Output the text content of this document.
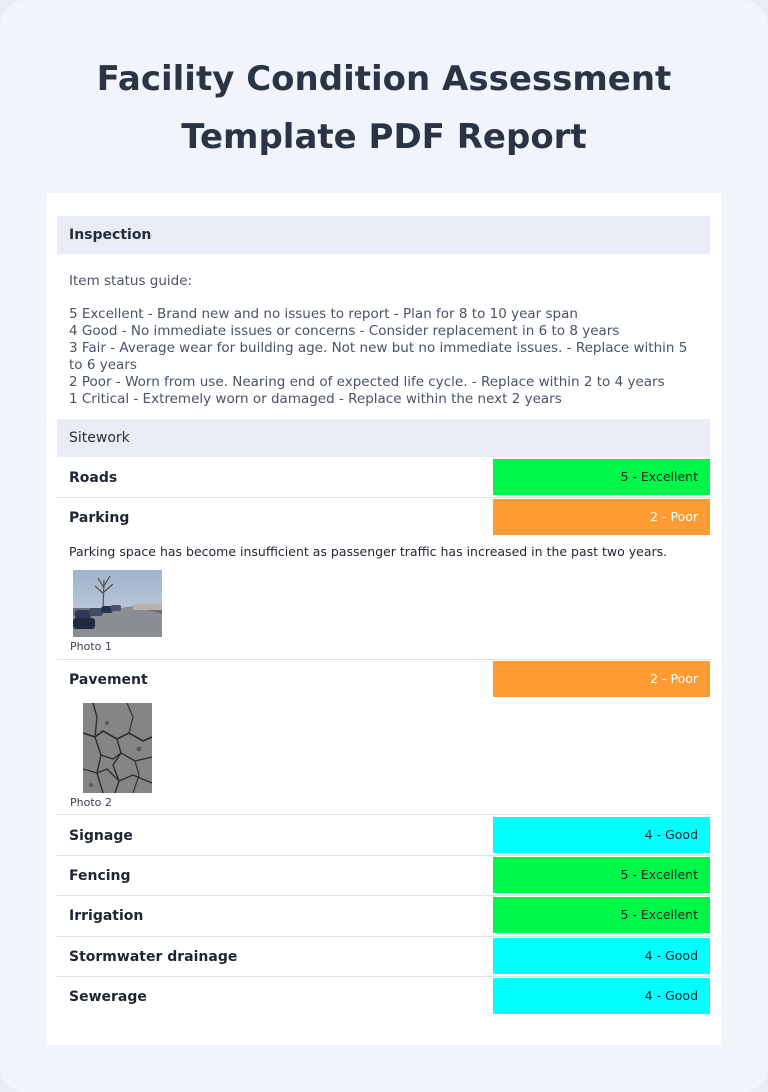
Facility Condition Assessment
Template PDF Report
Inspection
Item status guide:
5 Excellent - Brand new and no issues to report - Plan for 8 to 10 year span
4 Good - No immediate issues or concerns - Consider replacement in 6 to 8 years
3 Fair - Average wear for building age. Not new but no immediate issues. - Replace within 5 to 6 years
2 Poor - Worn from use. Nearing end of expected life cycle. - Replace within 2 to 4 years
1 Critical - Extremely worn or damaged - Replace within the next 2 years
Sitework
Roads	5 - Excellent
Parking	2 - Poor
Parking space has become insufficient as passenger traffic has increased in the past two years.
Photo 1
Pavement	2 - Poor
Photo 2
Signage	4 - Good
Fencing	5 - Excellent
Irrigation	5 - Excellent
Stormwater drainage	4 - Good
Sewerage	4 - Good
